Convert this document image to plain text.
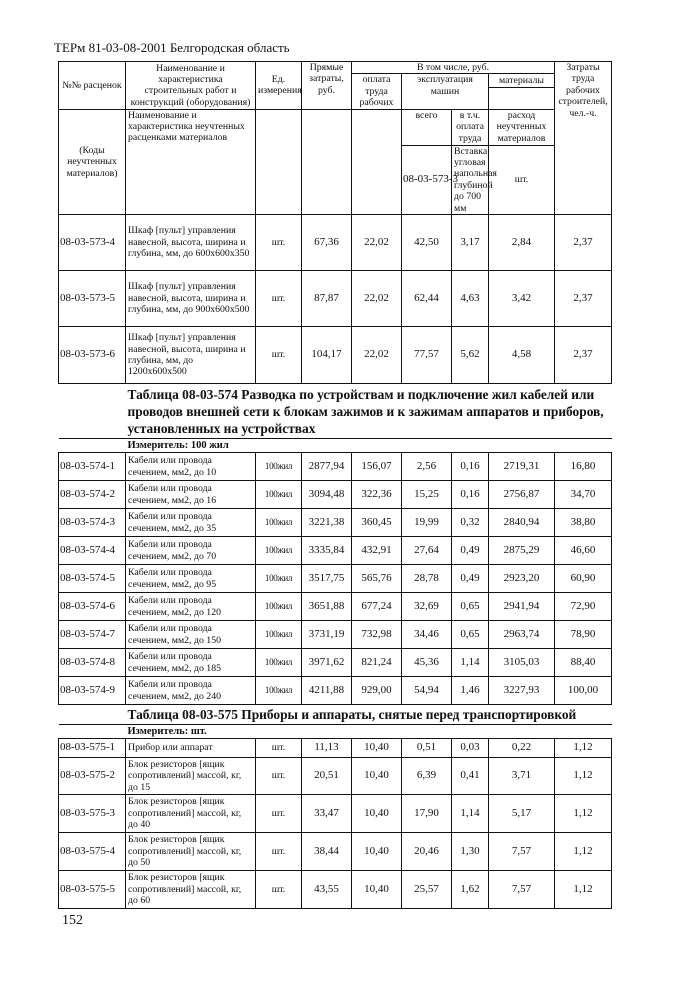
ТЕРм 81-03-08-2001 Белгородская область
№№ расценок	Наименование и характеристика строительных работ и конструкций (оборудования)	Ед. измерения	Прямые затраты, руб.	В том числе, руб.				Затраты труда рабочих строителей, чел.-ч.	
				оплата труда рабочих	эксплуатация машин		материалы		

(Коды неучтенных материалов)	Наименование и характеристика неучтенных расценками материалов				всего	в т.ч. оплата труда	расход неучтенных материалов		
					08-03-573-3	Вставка угловая напольная глубиной до 700 мм	шт.						
08-03-573-4	Шкаф [пульт] управления навесной, высота, ширина и глубина, мм, до 600х600х350	шт.	67,36	22,02	42,50	3,17	2,84	2,37	
08-03-573-5	Шкаф [пульт] управления навесной, высота, ширина и глубина, мм, до 900х600х500	шт.	87,87	22,02	62,44	4,63	3,42	2,37	
08-03-573-6	Шкаф [пульт] управления навесной, высота, ширина и глубина, мм, до 1200х600х500	шт.	104,17	22,02	77,57	5,62	4,58	2,37	
	Таблица 08-03-574 Разводка по устройствам и подключение жил кабелей или проводов внешней сети к блокам зажимов и к зажимам аппаратов и приборов, установленных на устройствах								
	Измеритель: 100 жил								
08-03-574-1	Кабели или провода сечением, мм2, до 10	100жил	2877,94	156,07	2,56	0,16	2719,31	16,80	
08-03-574-2	Кабели или провода сечением, мм2, до 16	100жил	3094,48	322,36	15,25	0,16	2756,87	34,70	
08-03-574-3	Кабели или провода сечением, мм2, до 35	100жил	3221,38	360,45	19,99	0,32	2840,94	38,80	
08-03-574-4	Кабели или провода сечением, мм2, до 70	100жил	3335,84	432,91	27,64	0,49	2875,29	46,60	
08-03-574-5	Кабели или провода сечением, мм2, до 95	100жил	3517,75	565,76	28,78	0,49	2923,20	60,90	
08-03-574-6	Кабели или провода сечением, мм2, до 120	100жил	3651,88	677,24	32,69	0,65	2941,94	72,90	
08-03-574-7	Кабели или провода сечением, мм2, до 150	100жил	3731,19	732,98	34,46	0,65	2963,74	78,90	
08-03-574-8	Кабели или провода сечением, мм2, до 185	100жил	3971,62	821,24	45,36	1,14	3105,03	88,40	
08-03-574-9	Кабели или провода сечением, мм2, до 240	100жил	4211,88	929,00	54,94	1,46	3227,93	100,00	
	Таблица 08-03-575 Приборы и аппараты, снятые перед транспортировкой								
	Измеритель: шт.								
08-03-575-1	Прибор или аппарат	шт.	11,13	10,40	0,51	0,03	0,22	1,12	
08-03-575-2	Блок резисторов [ящик сопротивлений] массой, кг, до 15	шт.	20,51	10,40	6,39	0,41	3,71	1,12	
08-03-575-3	Блок резисторов [ящик сопротивлений] массой, кг, до 40	шт.	33,47	10,40	17,90	1,14	5,17	1,12	
08-03-575-4	Блок резисторов [ящик сопротивлений] массой, кг, до 50	шт.	38,44	10,40	20,46	1,30	7,57	1,12	
08-03-575-5	Блок резисторов [ящик сопротивлений] массой, кг, до 60	шт.	43,55	10,40	25,57	1,62	7,57	1,12	
152
